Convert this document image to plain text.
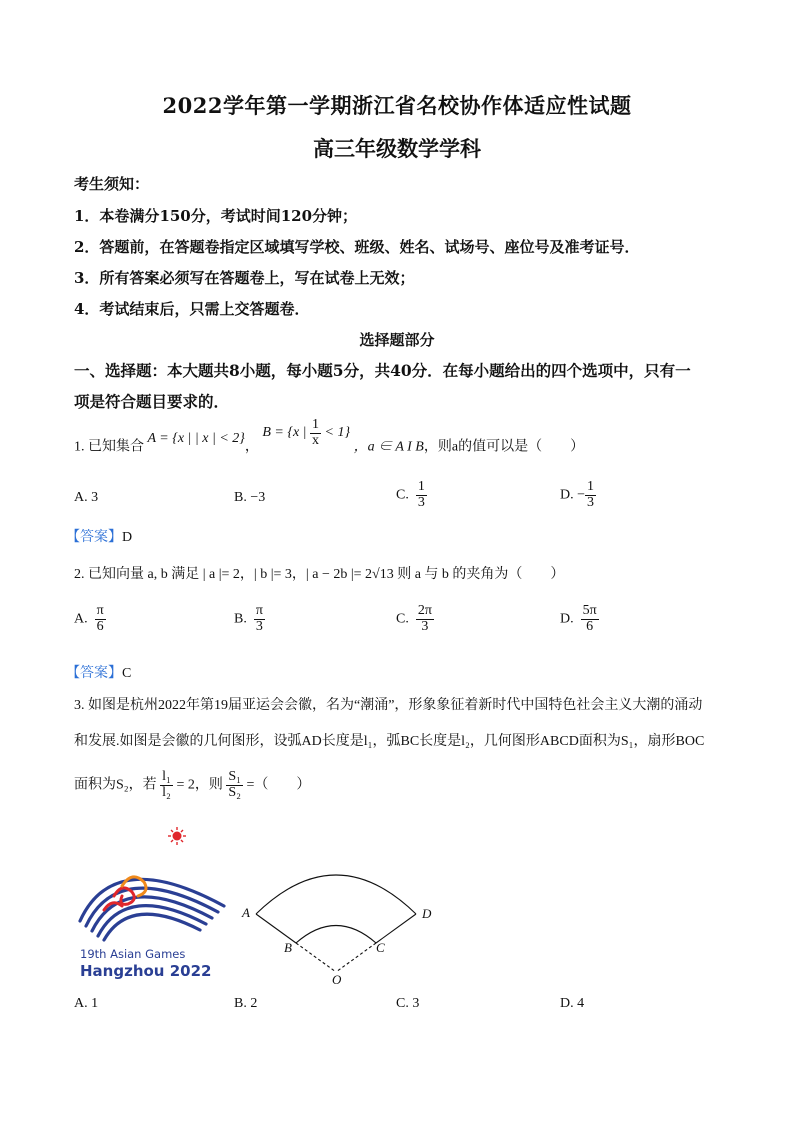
2022学年第一学期浙江省名校协作体适应性试题
高三年级数学学科
考生须知：
1．本卷满分150分，考试时间120分钟；
2．答题前，在答题卷指定区域填写学校、班级、姓名、试场号、座位号及准考证号．
3．所有答案必须写在答题卷上，写在试卷上无效；
4．考试结束后，只需上交答题卷．
选择题部分
一、选择题：本大题共8小题，每小题5分，共40分．在每小题给出的四个选项中，只有一
项是符合题目要求的．
1. 已知集合 A = {x | | x | < 2}， B = {x | $\frac{1}{x} < 1$} ，a ∈ A I B，则a的值可以是（　　）
A. 3	B. −3	C. $\frac{1}{3}$	D. − $\frac{1}{3}$
【答案】D
2. 已知向量 a, b 满足 | a |= 2，| b |= 3，| a − 2b |= 2√13 则 a 与 b 的夹角为（　　）
A. $\frac{\pi}{6}$	B. $\frac{\pi}{3}$	C. $\frac{2\pi}{3}$	D. $\frac{5\pi}{6}$
【答案】C
3. 如图是杭州2022年第19届亚运会会徽，名为“潮涌”，形象象征着新时代中国特色社会主义大潮的涌动
和发展.如图是会徽的几何图形，设弧AD长度是l₁，弧BC长度是l₂，几何图形ABCD面积为S₁，扇形BOC
面积为S₂，若 $\frac{\text{l₁}}{\text{l₂}} = 2$，则 $\frac{\text{S₁}}{\text{S₂}}$ =（　　）
19th Asian Games
Hangzhou 2022
A	D
B	C
O
A. 1	B. 2	C. 3	D. 4
